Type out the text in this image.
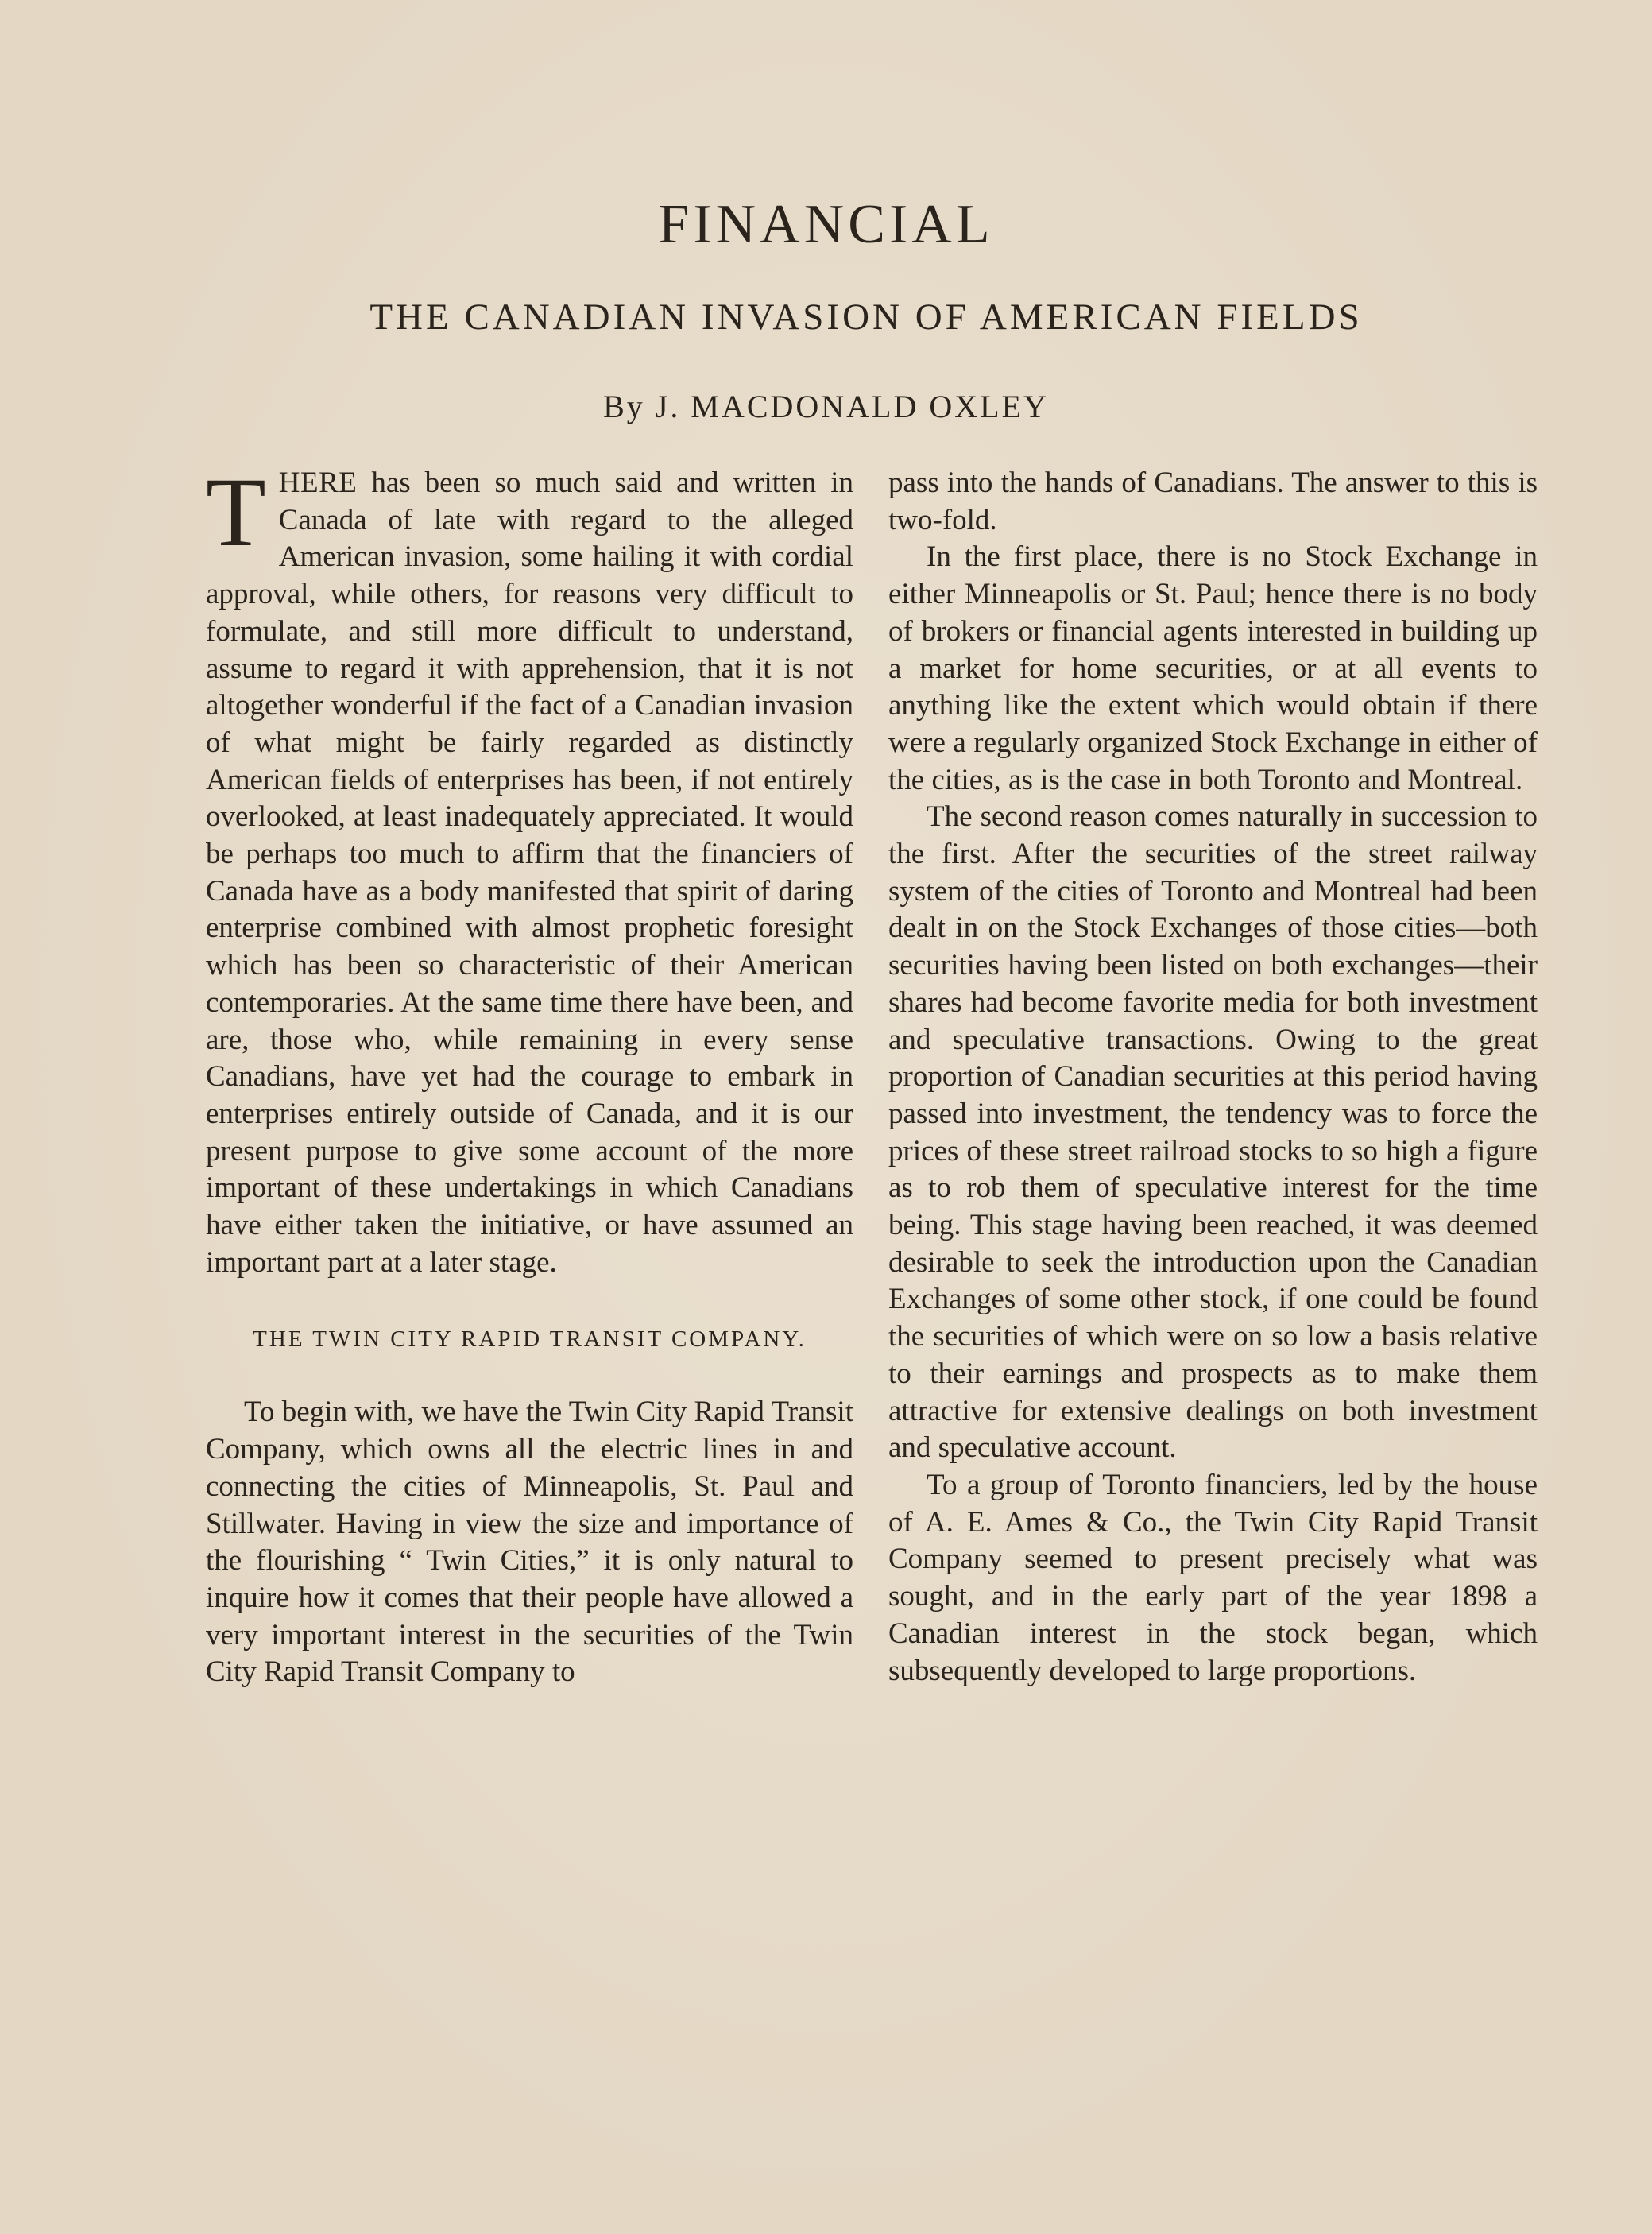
FINANCIAL
THE CANADIAN INVASION OF AMERICAN FIELDS
By J. MACDONALD OXLEY

THERE has been so much said and written in Canada of late with regard to the alleged American invasion, some hailing it with cordial approval, while others, for reasons very difficult to formulate, and still more difficult to understand, assume to regard it with apprehension, that it is not altogether wonderful if the fact of a Canadian invasion of what might be fairly regarded as distinctly American fields of enterprises has been, if not entirely overlooked, at least inadequately appreciated. It would be perhaps too much to affirm that the financiers of Canada have as a body manifested that spirit of daring enterprise combined with almost prophetic foresight which has been so characteristic of their American contemporaries. At the same time there have been, and are, those who, while remaining in every sense Canadians, have yet had the courage to embark in enterprises entirely outside of Canada, and it is our present purpose to give some account of the more important of these undertakings in which Canadians have either taken the initiative, or have assumed an important part at a later stage.

THE TWIN CITY RAPID TRANSIT COMPANY.

To begin with, we have the Twin City Rapid Transit Company, which owns all the electric lines in and connecting the cities of Minneapolis, St. Paul and Stillwater. Having in view the size and importance of the flourishing “ Twin Cities,” it is only natural to inquire how it comes that their people have allowed a very important interest in the securities of the Twin City Rapid Transit Company to

pass into the hands of Canadians. The answer to this is two-fold.

In the first place, there is no Stock Exchange in either Minneapolis or St. Paul; hence there is no body of brokers or financial agents interested in building up a market for home securities, or at all events to anything like the extent which would obtain if there were a regularly organized Stock Exchange in either of the cities, as is the case in both Toronto and Montreal.

The second reason comes naturally in succession to the first. After the securities of the street railway system of the cities of Toronto and Montreal had been dealt in on the Stock Exchanges of those cities—both securities having been listed on both exchanges—their shares had become favorite media for both investment and speculative transactions. Owing to the great proportion of Canadian securities at this period having passed into investment, the tendency was to force the prices of these street railroad stocks to so high a figure as to rob them of speculative interest for the time being. This stage having been reached, it was deemed desirable to seek the introduction upon the Canadian Exchanges of some other stock, if one could be found the securities of which were on so low a basis relative to their earnings and prospects as to make them attractive for extensive dealings on both investment and speculative account.

To a group of Toronto financiers, led by the house of A. E. Ames & Co., the Twin City Rapid Transit Company seemed to present precisely what was sought, and in the early part of the year 1898 a Canadian interest in the stock began, which subsequently developed to large proportions.
